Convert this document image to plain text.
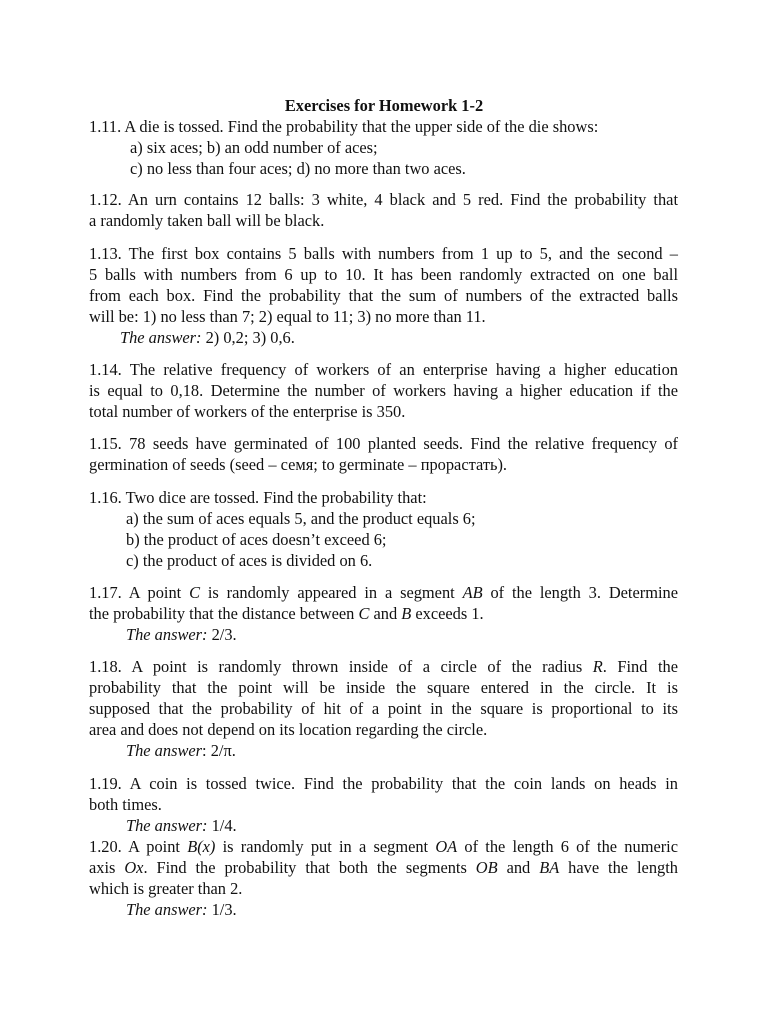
Exercises for Homework 1-2
1.11. A die is tossed. Find the probability that the upper side of the die shows:
a) six aces; b) an odd number of aces;
c) no less than four aces; d) no more than two aces.
1.12. An urn contains 12 balls: 3 white, 4 black and 5 red. Find the probability that
a randomly taken ball will be black.
1.13. The first box contains 5 balls with numbers from 1 up to 5, and the second –
5 balls with numbers from 6 up to 10. It has been randomly extracted on one ball
from each box. Find the probability that the sum of numbers of the extracted balls
will be: 1) no less than 7; 2) equal to 11; 3) no more than 11.
The answer: 2) 0,2; 3) 0,6.
1.14. The relative frequency of workers of an enterprise having a higher education
is equal to 0,18. Determine the number of workers having a higher education if the
total number of workers of the enterprise is 350.
1.15. 78 seeds have germinated of 100 planted seeds. Find the relative frequency of
germination of seeds (seed – семя; to germinate – прорастать).
1.16. Two dice are tossed. Find the probability that:
a) the sum of aces equals 5, and the product equals 6;
b) the product of aces doesn’t exceed 6;
c) the product of aces is divided on 6.
1.17. A point C is randomly appeared in a segment AB of the length 3. Determine
the probability that the distance between C and B exceeds 1.
The answer: 2/3.
1.18. A point is randomly thrown inside of a circle of the radius R. Find the
probability that the point will be inside the square entered in the circle. It is
supposed that the probability of hit of a point in the square is proportional to its
area and does not depend on its location regarding the circle.
The answer: 2/π.
1.19. A coin is tossed twice. Find the probability that the coin lands on heads in
both times.
The answer: 1/4.
1.20. A point B(x) is randomly put in a segment OA of the length 6 of the numeric
axis Ox. Find the probability that both the segments OB and BA have the length
which is greater than 2.
The answer: 1/3.
